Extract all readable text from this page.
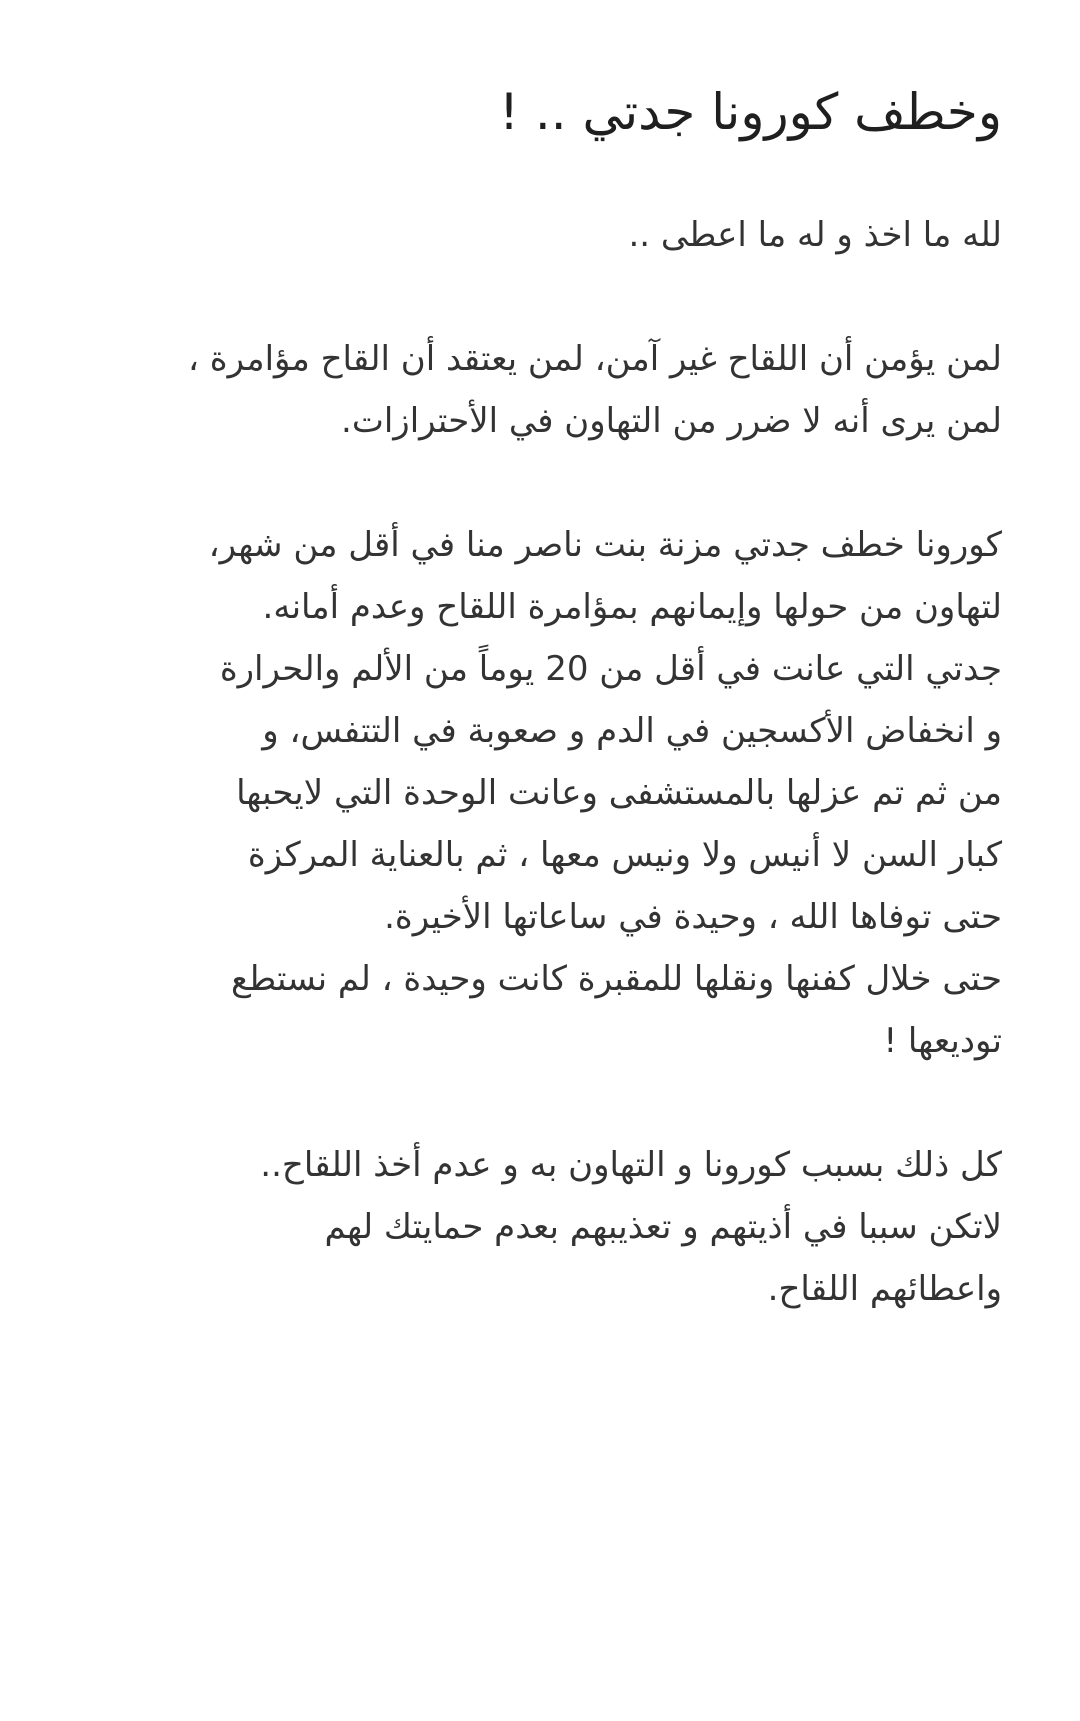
وخطف كورونا جدتي .. !

لله ما اخذ و له ما اعطى ..

لمن يؤمن أن اللقاح غير آمن، لمن يعتقد أن القاح مؤامرة ،
لمن يرى أنه لا ضرر من التهاون في الأحترازات.

كورونا خطف جدتي مزنة بنت ناصر منا في أقل من شهر،
لتهاون من حولها وإيمانهم بمؤامرة اللقاح وعدم أمانه.
جدتي التي عانت في أقل من 20 يوماً من الألم والحرارة
و انخفاض الأكسجين في الدم و صعوبة في التتفس، و
من ثم تم عزلها بالمستشفى وعانت الوحدة التي لايحبها
كبار السن لا أنيس ولا ونيس معها ، ثم بالعناية المركزة
حتى توفاها الله ، وحيدة في ساعاتها الأخيرة.
حتى خلال كفنها ونقلها للمقبرة كانت وحيدة ، لم نستطع
توديعها !

كل ذلك بسبب كورونا و التهاون به و عدم أخذ اللقاح..
لاتكن سببا في أذيتهم و تعذيبهم بعدم حمايتك لهم
واعطائهم اللقاح.
